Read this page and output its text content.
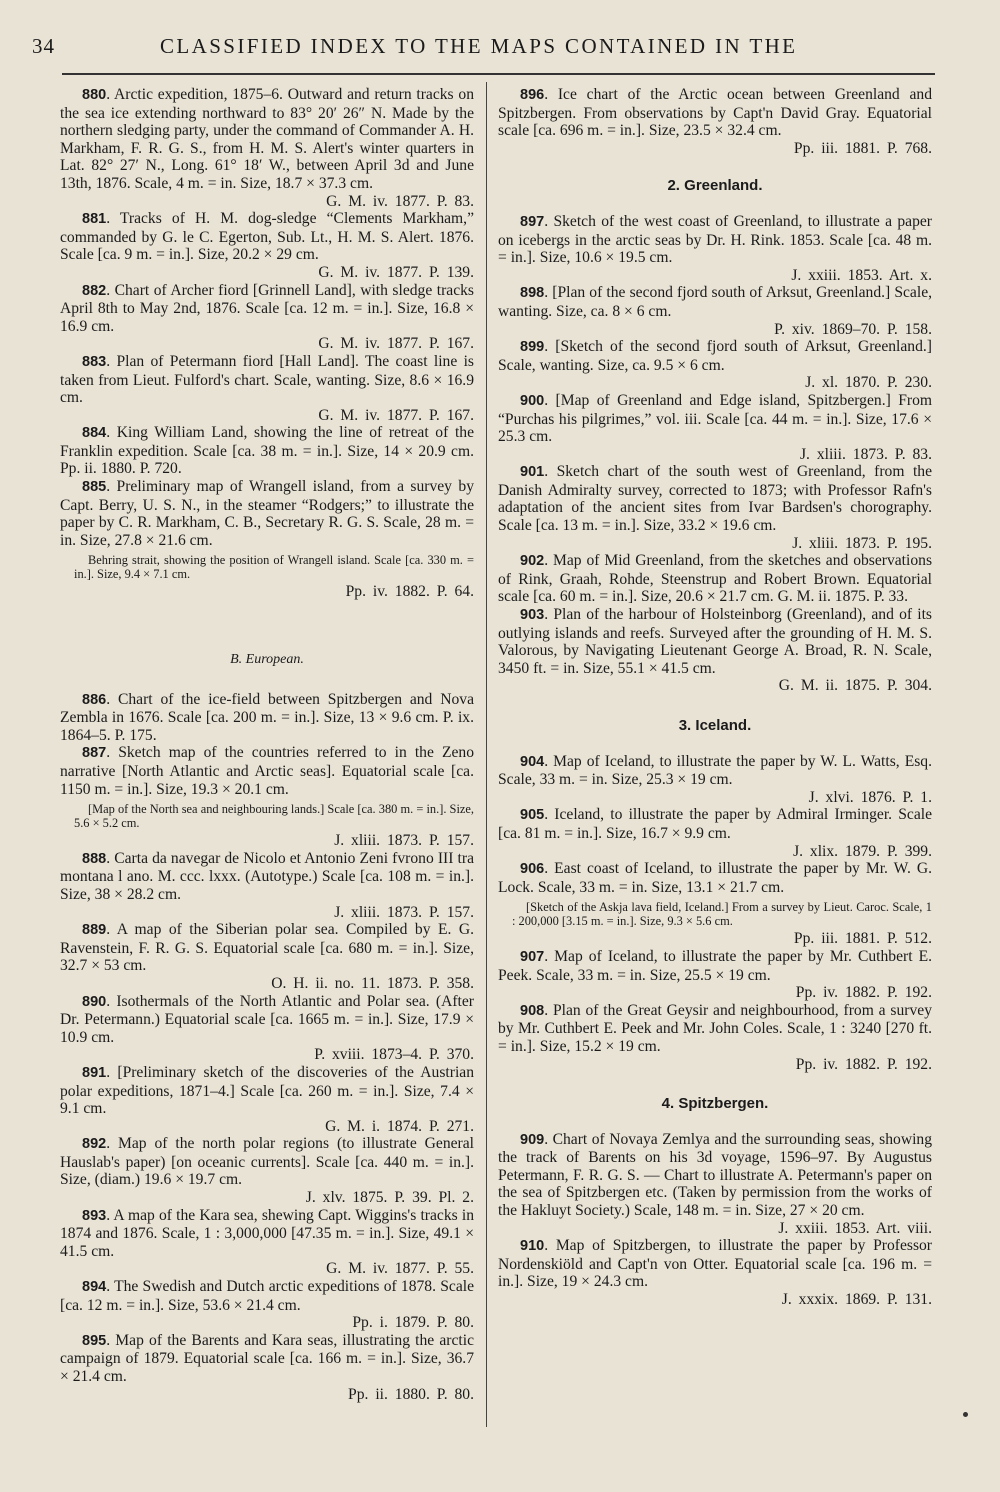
34	CLASSIFIED INDEX TO THE MAPS CONTAINED IN THE

880. Arctic expedition, 1875–6. Outward and return tracks on the sea ice extending northward to 83° 20′ 26″ N. Made by the northern sledging party, under the command of Commander A. H. Markham, F. R. G. S., from H. M. S. Alert's winter quarters in Lat. 82° 27′ N., Long. 61° 18′ W., between April 3d and June 13th, 1876. Scale, 4 m. = in. Size, 18.7 × 37.3 cm.

G. M. iv. 1877. P. 83.

881. Tracks of H. M. dog-sledge “Clements Markham,” commanded by G. le C. Egerton, Sub. Lt., H. M. S. Alert. 1876. Scale [ca. 9 m. = in.]. Size, 20.2 × 29 cm.

G. M. iv. 1877. P. 139.

882. Chart of Archer fiord [Grinnell Land], with sledge tracks April 8th to May 2nd, 1876. Scale [ca. 12 m. = in.]. Size, 16.8 × 16.9 cm.

G. M. iv. 1877. P. 167.

883. Plan of Petermann fiord [Hall Land]. The coast line is taken from Lieut. Fulford's chart. Scale, wanting. Size, 8.6 × 16.9 cm.

G. M. iv. 1877. P. 167.

884. King William Land, showing the line of retreat of the Franklin expedition. Scale [ca. 38 m. = in.]. Size, 14 × 20.9 cm. Pp. ii. 1880. P. 720.

885. Preliminary map of Wrangell island, from a survey by Capt. Berry, U. S. N., in the steamer “Rodgers;” to illustrate the paper by C. R. Markham, C. B., Secretary R. G. S. Scale, 28 m. = in. Size, 27.8 × 21.6 cm.

Behring strait, showing the position of Wrangell island. Scale [ca. 330 m. = in.]. Size, 9.4 × 7.1 cm.

Pp. iv. 1882. P. 64.

B. European.

886. Chart of the ice-field between Spitzbergen and Nova Zembla in 1676. Scale [ca. 200 m. = in.]. Size, 13 × 9.6 cm. P. ix. 1864–5. P. 175.

887. Sketch map of the countries referred to in the Zeno narrative [North Atlantic and Arctic seas]. Equatorial scale [ca. 1150 m. = in.]. Size, 19.3 × 20.1 cm.

[Map of the North sea and neighbouring lands.] Scale [ca. 380 m. = in.]. Size, 5.6 × 5.2 cm.

J. xliii. 1873. P. 157.

888. Carta da navegar de Nicolo et Antonio Zeni fvrono III tra montana l ano. M. ccc. lxxx. (Autotype.) Scale [ca. 108 m. = in.]. Size, 38 × 28.2 cm.

J. xliii. 1873. P. 157.

889. A map of the Siberian polar sea. Compiled by E. G. Ravenstein, F. R. G. S. Equatorial scale [ca. 680 m. = in.]. Size, 32.7 × 53 cm.

O. H. ii. no. 11. 1873. P. 358.

890. Isothermals of the North Atlantic and Polar sea. (After Dr. Petermann.) Equatorial scale [ca. 1665 m. = in.]. Size, 17.9 × 10.9 cm.

P. xviii. 1873–4. P. 370.

891. [Preliminary sketch of the discoveries of the Austrian polar expeditions, 1871–4.] Scale [ca. 260 m. = in.]. Size, 7.4 × 9.1 cm.

G. M. i. 1874. P. 271.

892. Map of the north polar regions (to illustrate General Hauslab's paper) [on oceanic currents]. Scale [ca. 440 m. = in.]. Size, (diam.) 19.6 × 19.7 cm.

J. xlv. 1875. P. 39. Pl. 2.

893. A map of the Kara sea, shewing Capt. Wiggins's tracks in 1874 and 1876. Scale, 1 : 3,000,000 [47.35 m. = in.]. Size, 49.1 × 41.5 cm.

G. M. iv. 1877. P. 55.

894. The Swedish and Dutch arctic expeditions of 1878. Scale [ca. 12 m. = in.]. Size, 53.6 × 21.4 cm.

Pp. i. 1879. P. 80.

895. Map of the Barents and Kara seas, illustrating the arctic campaign of 1879. Equatorial scale [ca. 166 m. = in.]. Size, 36.7 × 21.4 cm.

Pp. ii. 1880. P. 80.

896. Ice chart of the Arctic ocean between Greenland and Spitzbergen. From observations by Capt'n David Gray. Equatorial scale [ca. 696 m. = in.]. Size, 23.5 × 32.4 cm.

Pp. iii. 1881. P. 768.

2. Greenland.

897. Sketch of the west coast of Greenland, to illustrate a paper on icebergs in the arctic seas by Dr. H. Rink. 1853. Scale [ca. 48 m. = in.]. Size, 10.6 × 19.5 cm.

J. xxiii. 1853. Art. x.

898. [Plan of the second fjord south of Arksut, Greenland.] Scale, wanting. Size, ca. 8 × 6 cm.

P. xiv. 1869–70. P. 158.

899. [Sketch of the second fjord south of Arksut, Greenland.] Scale, wanting. Size, ca. 9.5 × 6 cm.

J. xl. 1870. P. 230.

900. [Map of Greenland and Edge island, Spitzbergen.] From “Purchas his pilgrimes,” vol. iii. Scale [ca. 44 m. = in.]. Size, 17.6 × 25.3 cm.

J. xliii. 1873. P. 83.

901. Sketch chart of the south west of Greenland, from the Danish Admiralty survey, corrected to 1873; with Professor Rafn's adaptation of the ancient sites from Ivar Bardsen's chorography. Scale [ca. 13 m. = in.]. Size, 33.2 × 19.6 cm.

J. xliii. 1873. P. 195.

902. Map of Mid Greenland, from the sketches and observations of Rink, Graah, Rohde, Steenstrup and Robert Brown. Equatorial scale [ca. 60 m. = in.]. Size, 20.6 × 21.7 cm. G. M. ii. 1875. P. 33.

903. Plan of the harbour of Holsteinborg (Greenland), and of its outlying islands and reefs. Surveyed after the grounding of H. M. S. Valorous, by Navigating Lieutenant George A. Broad, R. N. Scale, 3450 ft. = in. Size, 55.1 × 41.5 cm.

G. M. ii. 1875. P. 304.

3. Iceland.

904. Map of Iceland, to illustrate the paper by W. L. Watts, Esq. Scale, 33 m. = in. Size, 25.3 × 19 cm.

J. xlvi. 1876. P. 1.

905. Iceland, to illustrate the paper by Admiral Irminger. Scale [ca. 81 m. = in.]. Size, 16.7 × 9.9 cm.

J. xlix. 1879. P. 399.

906. East coast of Iceland, to illustrate the paper by Mr. W. G. Lock. Scale, 33 m. = in. Size, 13.1 × 21.7 cm.

[Sketch of the Askja lava field, Iceland.] From a survey by Lieut. Caroc. Scale, 1 : 200,000 [3.15 m. = in.]. Size, 9.3 × 5.6 cm.

Pp. iii. 1881. P. 512.

907. Map of Iceland, to illustrate the paper by Mr. Cuthbert E. Peek. Scale, 33 m. = in. Size, 25.5 × 19 cm.

Pp. iv. 1882. P. 192.

908. Plan of the Great Geysir and neighbourhood, from a survey by Mr. Cuthbert E. Peek and Mr. John Coles. Scale, 1 : 3240 [270 ft. = in.]. Size, 15.2 × 19 cm.

Pp. iv. 1882. P. 192.

4. Spitzbergen.

909. Chart of Novaya Zemlya and the surrounding seas, showing the track of Barents on his 3d voyage, 1596–97. By Augustus Petermann, F. R. G. S. — Chart to illustrate A. Petermann's paper on the sea of Spitzbergen etc. (Taken by permission from the works of the Hakluyt Society.) Scale, 148 m. = in. Size, 27 × 20 cm.

J. xxiii. 1853. Art. viii.

910. Map of Spitzbergen, to illustrate the paper by Professor Nordenskiöld and Capt'n von Otter. Equatorial scale [ca. 196 m. = in.]. Size, 19 × 24.3 cm.

J. xxxix. 1869. P. 131.
